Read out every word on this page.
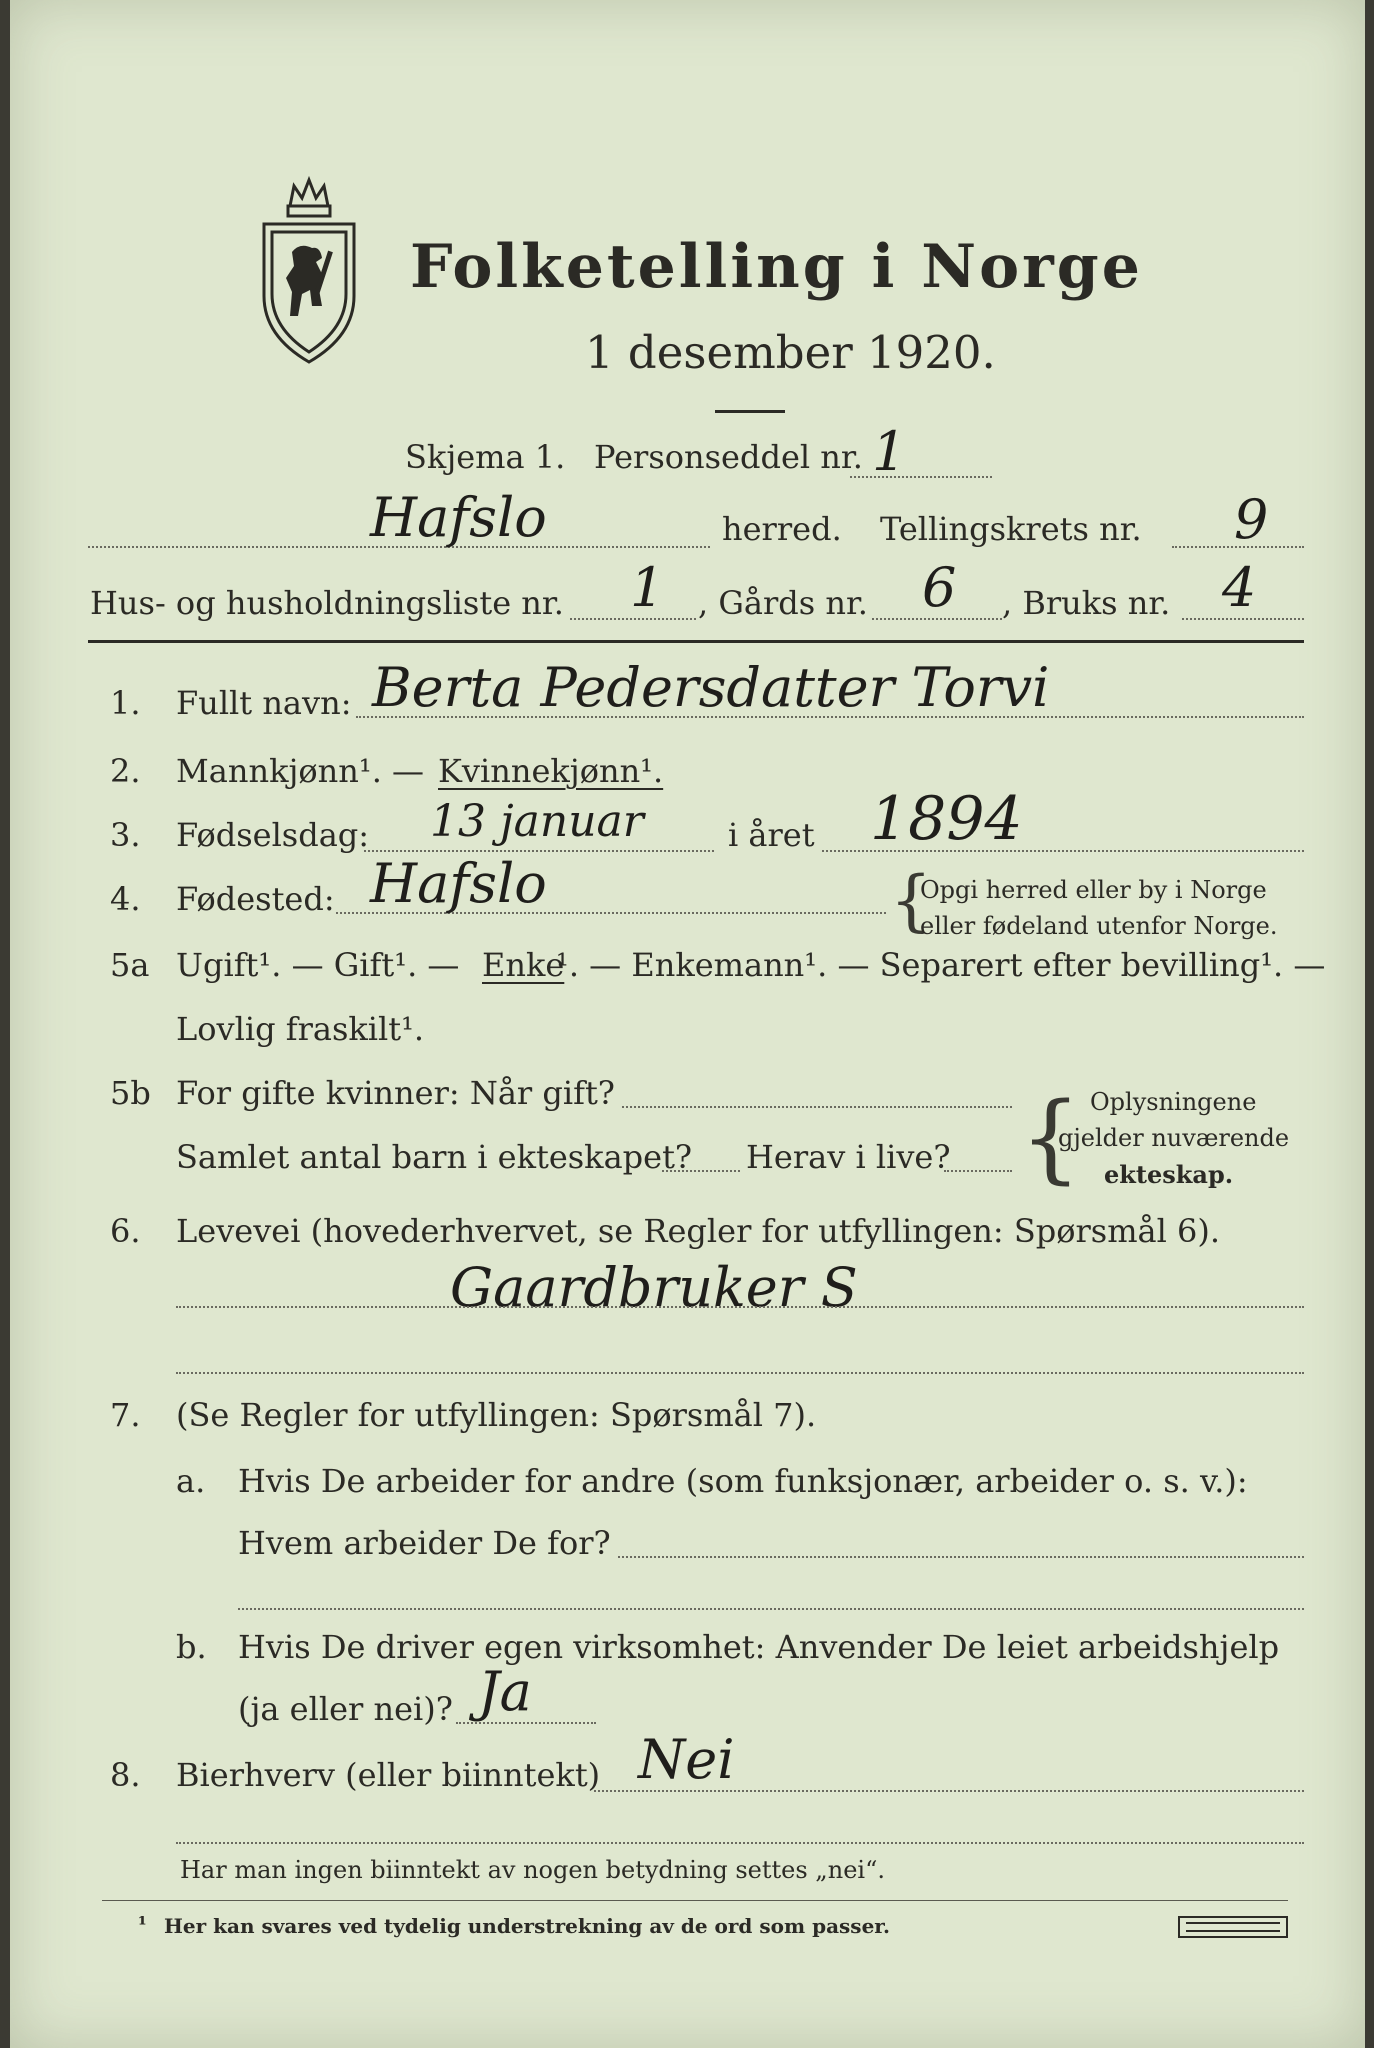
Folketelling i Norge
1 desember 1920.
Skjema 1. Personseddel nr. 1
Hafslo	herred. Tellingskrets nr. 9
Hus- og husholdningsliste nr. 1 , Gårds nr. 6 , Bruks nr. 4
1. Fullt navn: Berta Pedersdatter Torvi
2. Mannkjønn¹. — Kvinnekjønn¹.
3. Fødselsdag: 13 januar	i året 1894
4. Fødested: Hafslo	{
Opgi herred eller by i Norge
eller fødeland utenfor Norge.
5a Ugift¹. — Gift¹. — Enke
¹. — Enkemann¹. — Separert efter bevilling¹. —
Lovlig fraskilt¹.
5b For gifte kvinner: Når gift?
Samlet antal barn i ekteskapet? Herav i live? { Oplysningene
gjelder nuværende
ekteskap.
6. Levevei (hovederhvervet, se Regler for utfyllingen: Spørsmål 6).
Gaardbruker S
7. (Se Regler for utfyllingen: Spørsmål 7).
a. Hvis De arbeider for andre (som funksjonær, arbeider o. s. v.):
Hvem arbeider De for?
b. Hvis De driver egen virksomhet: Anvender De leiet arbeidshjelp
(ja eller nei)? Ja
8. Bierhverv (eller biinntekt) Nei
Har man ingen biinntekt av nogen betydning settes „nei“.
¹ Her kan svares ved tydelig understrekning av de ord som passer.
